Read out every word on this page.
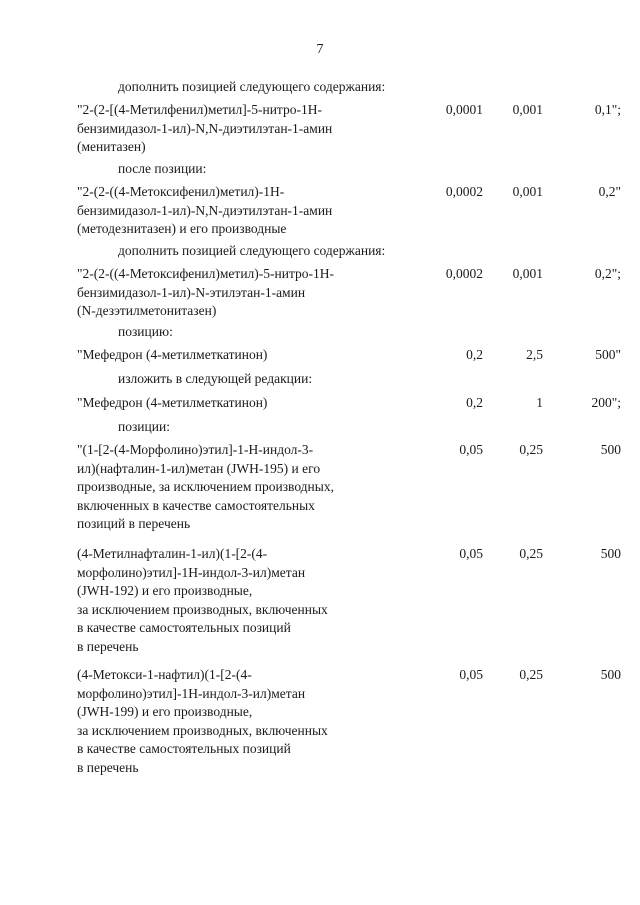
7
дополнить позицией следующего содержания:
"2-(2-[(4-Метилфенил)метил]-5-нитро-1Н-
бензимидазол-1-ил)-N,N-диэтилэтан-1-амин
(менитазен)
0,0001 0,001	0,1";
после позиции:
"2-(2-((4-Метоксифенил)метил)-1Н-
бензимидазол-1-ил)-N,N-диэтилэтан-1-амин
(методезнитазен) и его производные
0,0002 0,001	0,2"
дополнить позицией следующего содержания:
"2-(2-((4-Метоксифенил)метил)-5-нитро-1Н-
бензимидазол-1-ил)-N-этилэтан-1-амин
(N-дезэтилметонитазен)
0,0002 0,001	0,2";
позицию:
"Мефедрон (4-метилметкатинон)	0,2	2,5	500"
изложить в следующей редакции:
"Мефедрон (4-метилметкатинон)	0,2	1	200";
позиции:
"(1-[2-(4-Морфолино)этил]-1-Н-индол-3-
ил)(нафталин-1-ил)метан (JWH-195) и его
производные, за исключением производных,
включенных в качестве самостоятельных
позиций в перечень
0,05	0,25	500
(4-Метилнафталин-1-ил)(1-[2-(4-
морфолино)этил]-1Н-индол-3-ил)метан
(JWH-192) и его производные,
за исключением производных, включенных
в качестве самостоятельных позиций
в перечень
0,05	0,25	500
(4-Метокси-1-нафтил)(1-[2-(4-
морфолино)этил]-1Н-индол-3-ил)метан
(JWH-199) и его производные,
за исключением производных, включенных
в качестве самостоятельных позиций
в перечень
0,05	0,25	500
